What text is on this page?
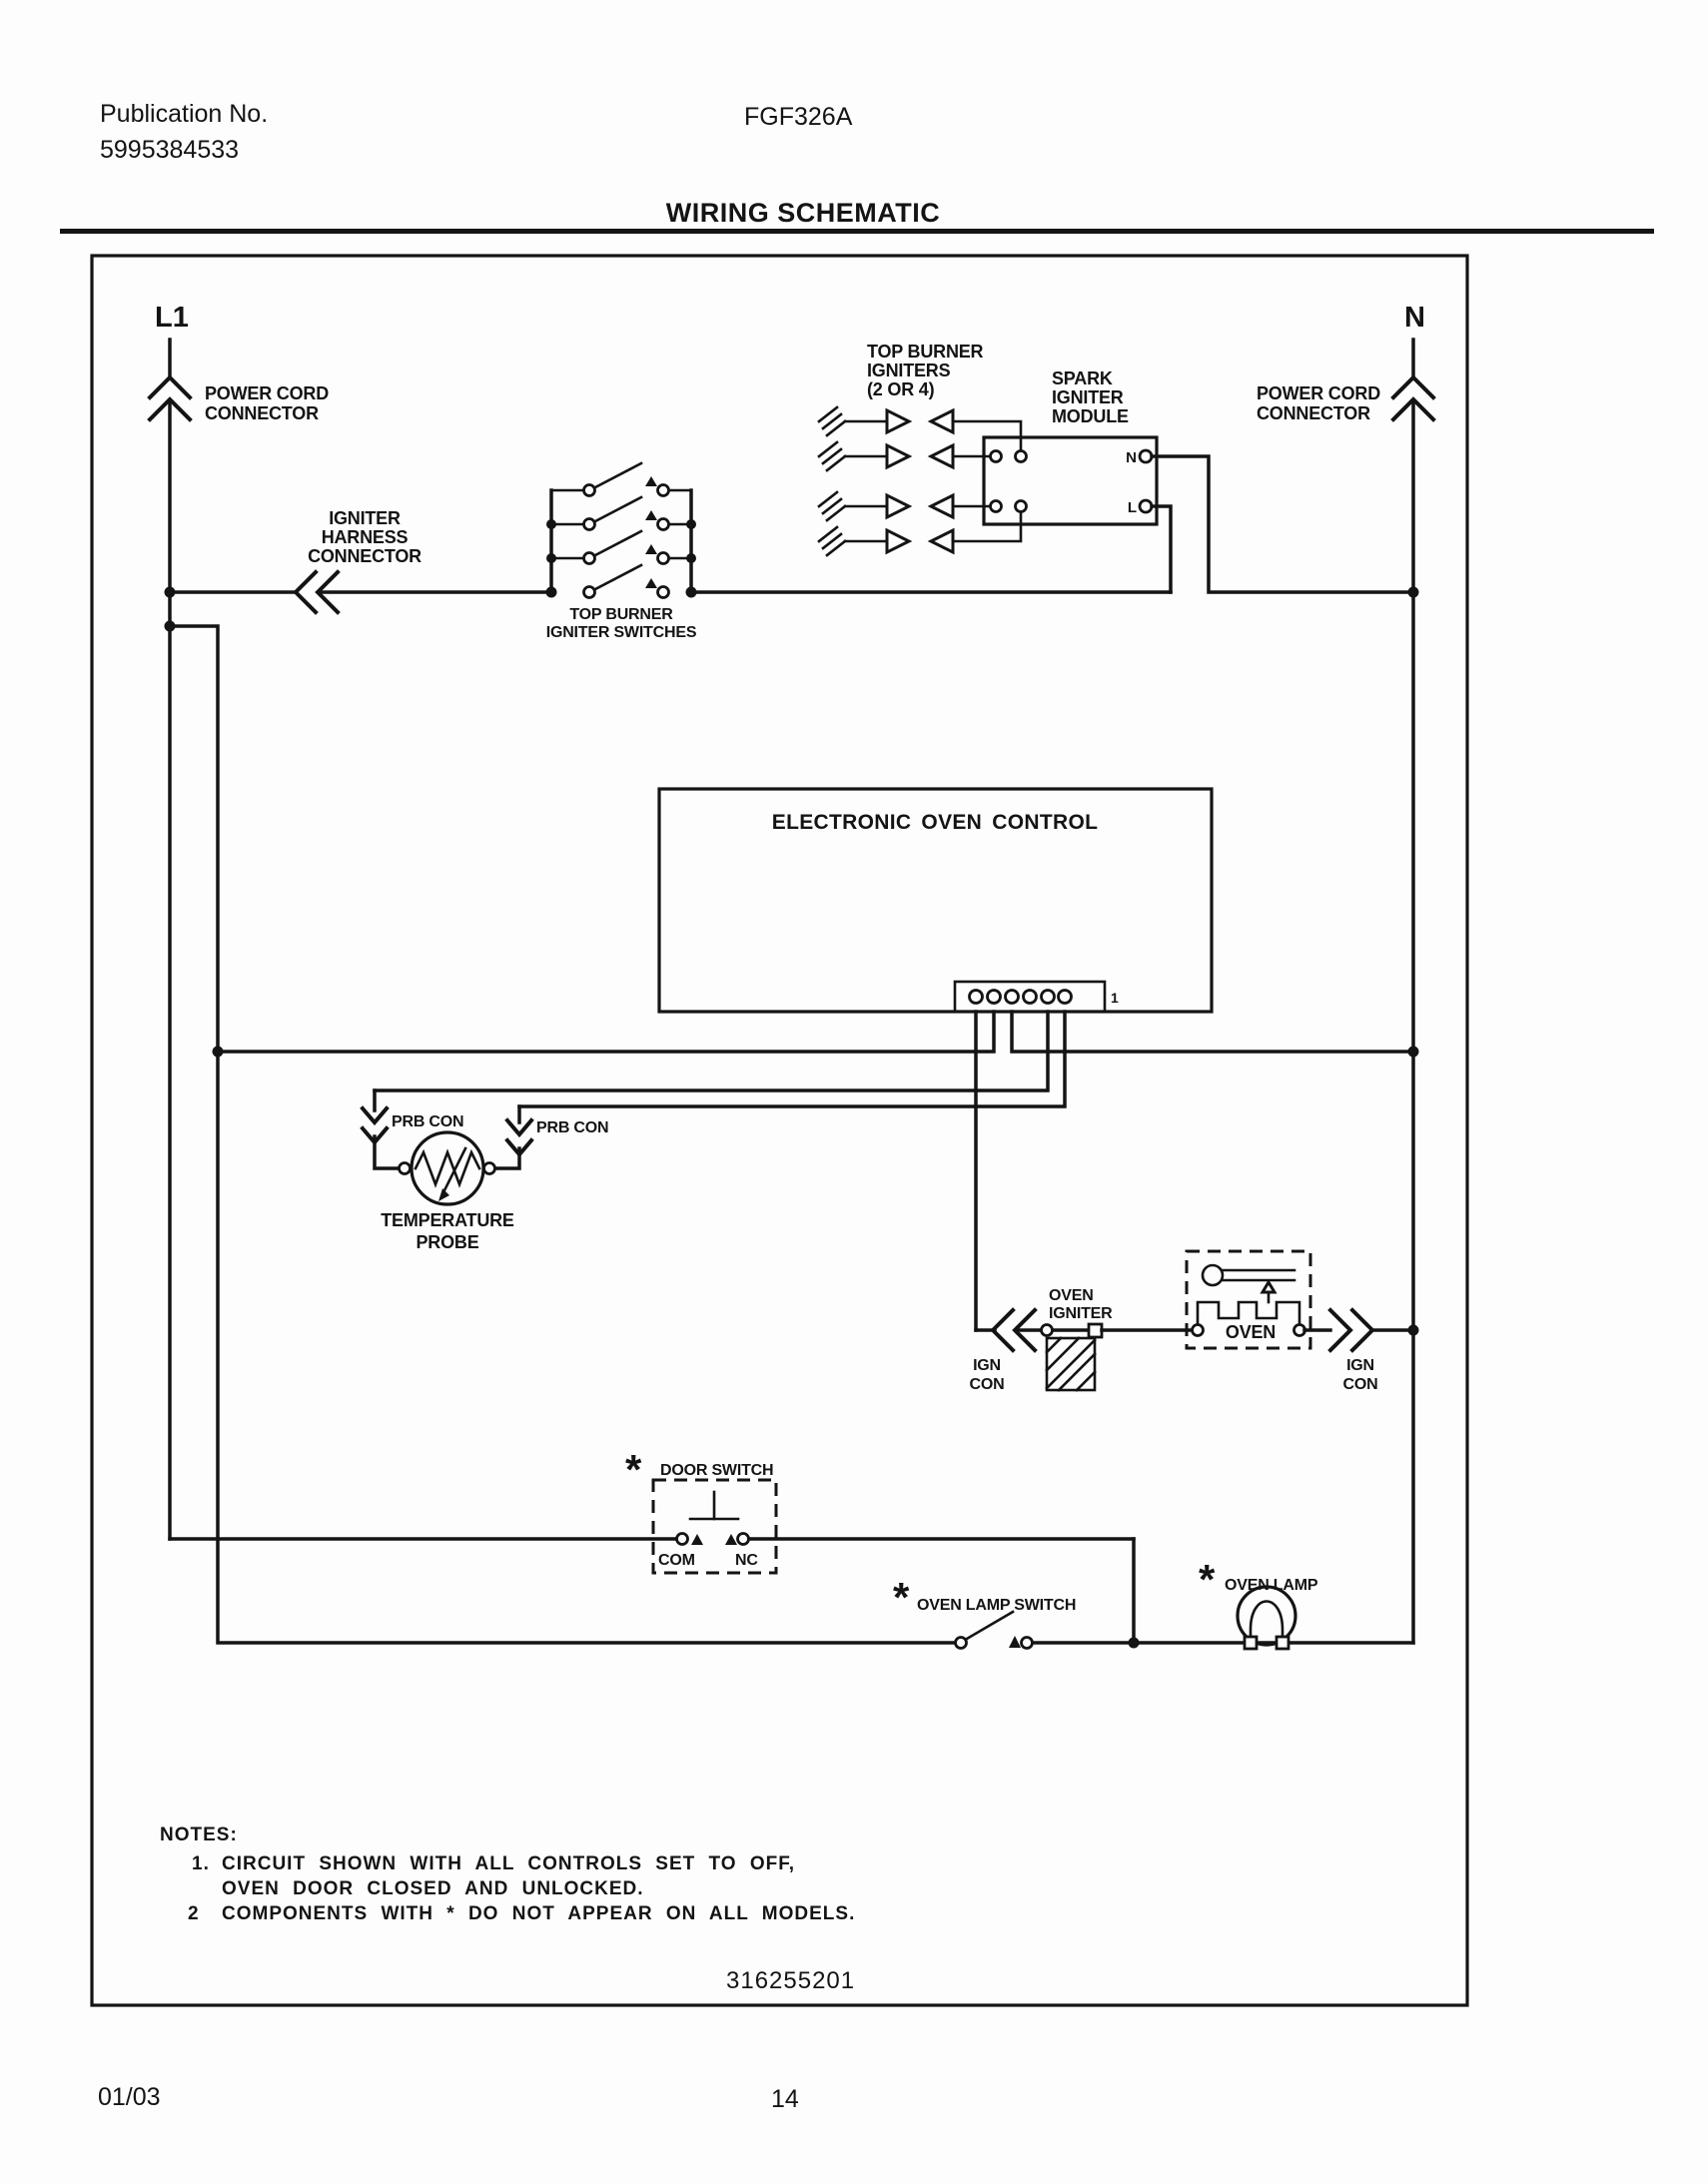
Publication No.
5995384533
FGF326A
WIRING SCHEMATIC
L1
POWER CORD
CONNECTOR
N
POWER CORD
CONNECTOR
IGNITER
HARNESS
CONNECTOR
TOP BURNER
IGNITER SWITCHES
TOP BURNER
IGNITERS
(2 OR 4)
N
L
SPARK
IGNITER
MODULE
ELECTRONIC OVEN CONTROL
1
PRB CON	PRB CON
TEMPERATURE
PROBE
IGN
CON
OVEN
IGNITER
OVEN
IGN
CON
* DOOR SWITCH
COM	NC
* OVEN LAMP SWITCH
* OVEN LAMP
NOTES:
1. CIRCUIT SHOWN WITH ALL CONTROLS SET TO OFF,
OVEN DOOR CLOSED AND UNLOCKED.
2 COMPONENTS WITH * DO NOT APPEAR ON ALL MODELS.
316255201
01/03	14
